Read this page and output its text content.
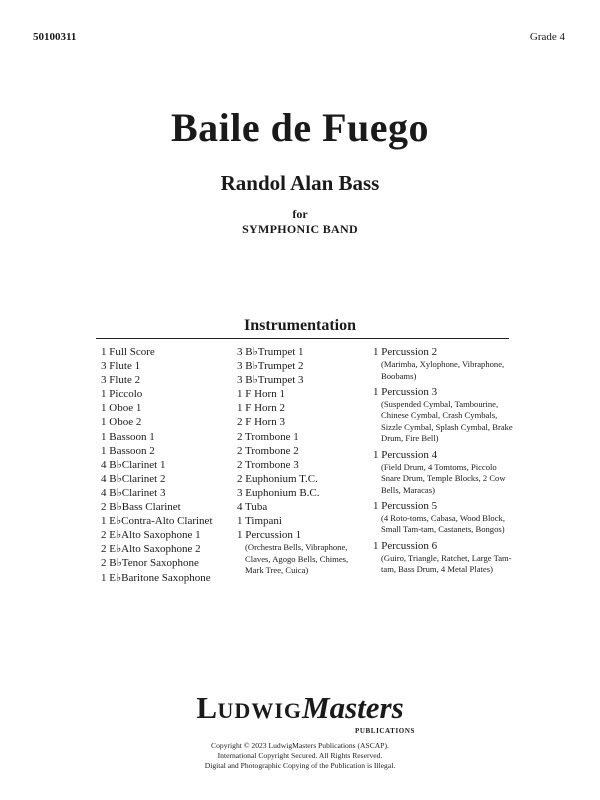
50100311	Grade 4
Baile de Fuego
Randol Alan Bass
for
SYMPHONIC BAND
Instrumentation
1 Full Score
3 Flute 1
3 Flute 2
1 Piccolo
1 Oboe 1
1 Oboe 2
1 Bassoon 1
1 Bassoon 2
4 B♭Clarinet 1
4 B♭Clarinet 2
4 B♭Clarinet 3
2 B♭Bass Clarinet
1 E♭Contra-Alto Clarinet
2 E♭Alto Saxophone 1
2 E♭Alto Saxophone 2
2 B♭Tenor Saxophone
1 E♭Baritone Saxophone
3 B♭Trumpet 1
3 B♭Trumpet 2
3 B♭Trumpet 3
1 F Horn 1
1 F Horn 2
2 F Horn 3
2 Trombone 1
2 Trombone 2
2 Trombone 3
2 Euphonium T.C.
3 Euphonium B.C.
4 Tuba
1 Timpani
1 Percussion 1
(Orchestra Bells, Vibraphone, Claves, Agogo Bells, Chimes, Mark Tree, Cuica)
1 Percussion 2
(Marimba, Xylophone, Vibraphone, Boobams)
1 Percussion 3
(Suspended Cymbal, Tambourine, Chinese Cymbal, Crash Cymbals, Sizzle Cymbal, Splash Cymbal, Brake Drum, Fire Bell)
1 Percussion 4
(Field Drum, 4 Tomtoms, Piccolo Snare Drum, Temple Blocks, 2 Cow Bells, Maracas)
1 Percussion 5
(4 Roto-toms, Cabasa, Wood Block, Small Tam-tam, Castanets, Bongos)
1 Percussion 6
(Guiro, Triangle, Ratchet, Large Tam-tam, Bass Drum, 4 Metal Plates)
LUDWIGMasters
PUBLICATIONS
Copyright © 2023 LudwigMasters Publications (ASCAP).
International Copyright Secured. All Rights Reserved.
Digital and Photographic Copying of the Publication is Illegal.
